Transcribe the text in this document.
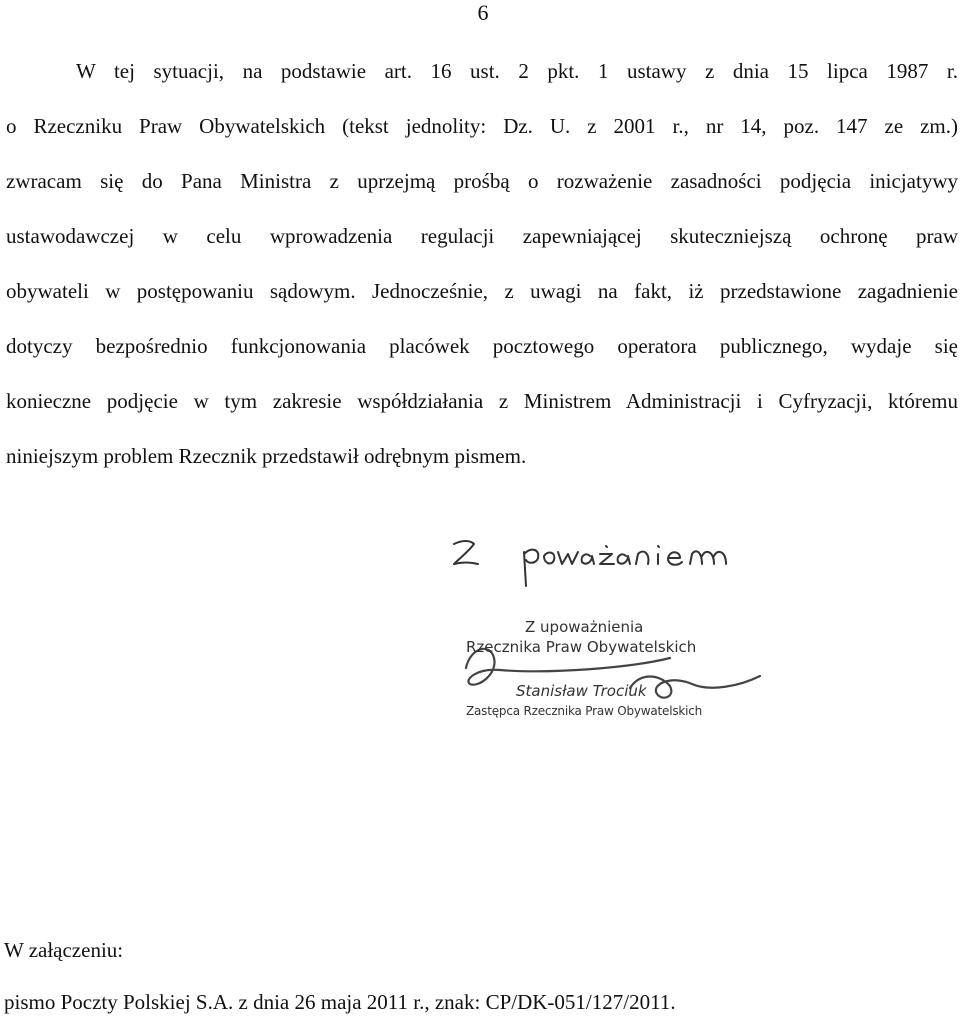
6
W tej sytuacji, na podstawie art. 16 ust. 2 pkt. 1 ustawy z dnia 15 lipca 1987 r.
o Rzeczniku Praw Obywatelskich (tekst jednolity: Dz. U. z 2001 r., nr 14, poz. 147 ze zm.)
zwracam się do Pana Ministra z uprzejmą prośbą o rozważenie zasadności podjęcia inicjatywy
ustawodawczej w celu wprowadzenia regulacji zapewniającej skuteczniejszą ochronę praw
obywateli w postępowaniu sądowym. Jednocześnie, z uwagi na fakt, iż przedstawione zagadnienie
dotyczy bezpośrednio funkcjonowania placówek pocztowego operatora publicznego, wydaje się
konieczne podjęcie w tym zakresie współdziałania z Ministrem Administracji i Cyfryzacji, któremu
niniejszym problem Rzecznik przedstawił odrębnym pismem.
Z upoważnienia
Rzecznika Praw Obywatelskich
Stanisław Trociuk
Zastępca Rzecznika Praw Obywatelskich
W załączeniu:
pismo Poczty Polskiej S.A. z dnia 26 maja 2011 r., znak: CP/DK-051/127/2011.
